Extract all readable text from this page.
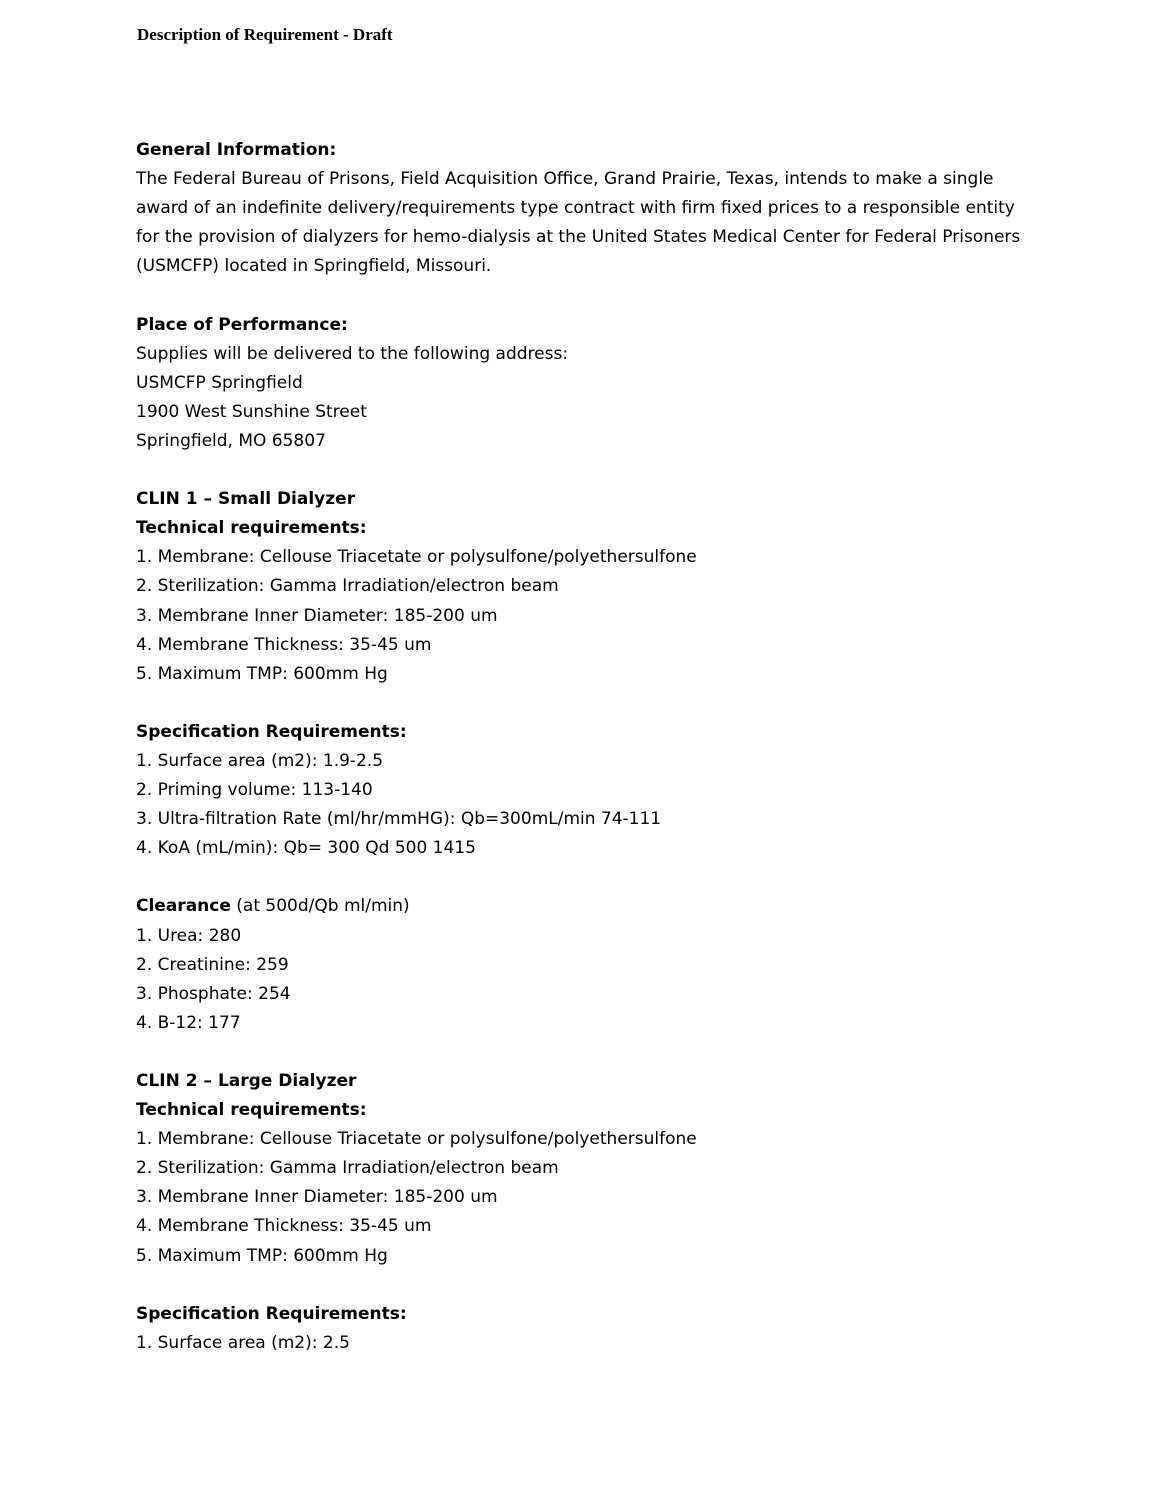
Description of Requirement - Draft
General Information:
The Federal Bureau of Prisons, Field Acquisition Office, Grand Prairie, Texas, intends to make a single
award of an indefinite delivery/requirements type contract with firm fixed prices to a responsible entity
for the provision of dialyzers for hemo-dialysis at the United States Medical Center for Federal Prisoners
(USMCFP) located in Springfield, Missouri.
Place of Performance:
Supplies will be delivered to the following address:
USMCFP Springfield
1900 West Sunshine Street
Springfield, MO 65807
CLIN 1 – Small Dialyzer
Technical requirements:
1. Membrane: Cellouse Triacetate or polysulfone/polyethersulfone
2. Sterilization: Gamma Irradiation/electron beam
3. Membrane Inner Diameter: 185-200 um
4. Membrane Thickness: 35-45 um
5. Maximum TMP: 600mm Hg
Specification Requirements:
1. Surface area (m2): 1.9-2.5
2. Priming volume: 113-140
3. Ultra-filtration Rate (ml/hr/mmHG): Qb=300mL/min 74-111
4. KoA (mL/min): Qb= 300 Qd 500 1415
Clearance (at 500d/Qb ml/min)
1. Urea: 280
2. Creatinine: 259
3. Phosphate: 254
4. B-12: 177
CLIN 2 – Large Dialyzer
Technical requirements:
1. Membrane: Cellouse Triacetate or polysulfone/polyethersulfone
2. Sterilization: Gamma Irradiation/electron beam
3. Membrane Inner Diameter: 185-200 um
4. Membrane Thickness: 35-45 um
5. Maximum TMP: 600mm Hg
Specification Requirements:
1. Surface area (m2): 2.5
